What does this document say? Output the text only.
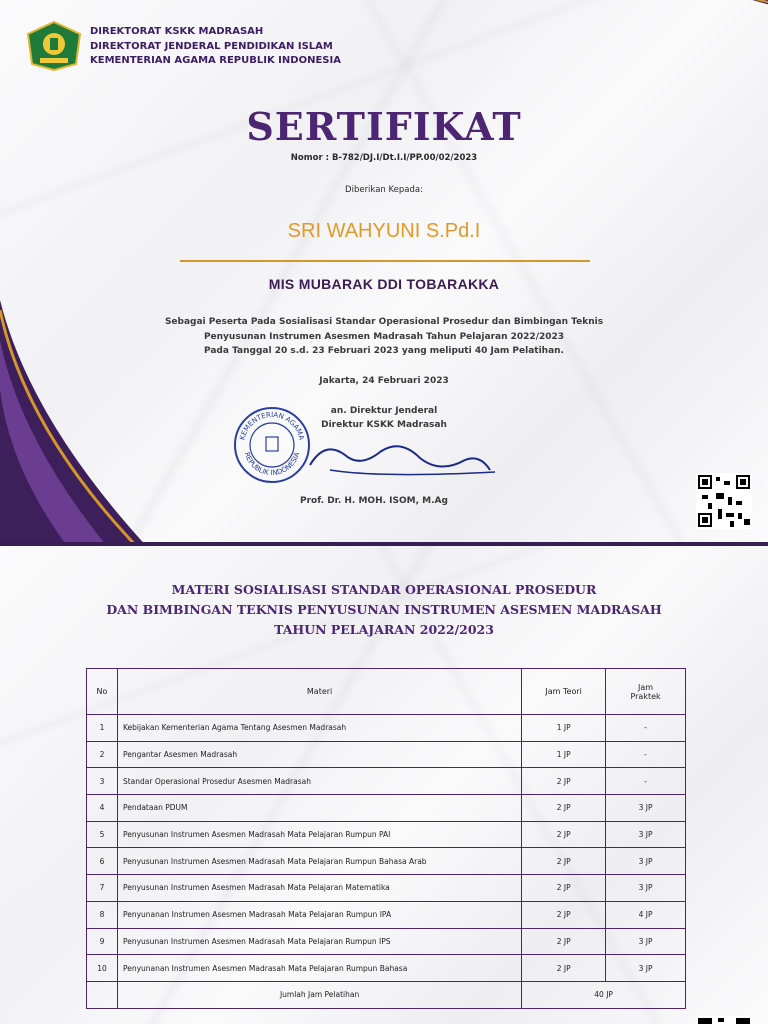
DIREKTORAT KSKK MADRASAH
DIREKTORAT JENDERAL PENDIDIKAN ISLAM
KEMENTERIAN AGAMA REPUBLIK INDONESIA
SERTIFIKAT
Nomor : B-782/DJ.I/Dt.I.I/PP.00/02/2023
Diberikan Kepada:
SRI WAHYUNI S.Pd.I
MIS MUBARAK DDI TOBARAKKA
Sebagai Peserta Pada Sosialisasi Standar Operasional Prosedur dan Bimbingan Teknis
Penyusunan Instrumen Asesmen Madrasah Tahun Pelajaran 2022/2023
Pada Tanggal 20 s.d. 23 Februari 2023 yang meliputi 40 Jam Pelatihan.
Jakarta, 24 Februari 2023
an. Direktur Jenderal
Direktur KSKK Madrasah
KEMENTERIAN AGAMA
REPUBLIK INDONESIA
Prof. Dr. H. MOH. ISOM, M.Ag
MATERI SOSIALISASI STANDAR OPERASIONAL PROSEDUR
DAN BIMBINGAN TEKNIS PENYUSUNAN INSTRUMEN ASESMEN MADRASAH
TAHUN PELAJARAN 2022/2023
No	Materi	Jam Teori	Jam
Praktek

1	Kebijakan Kementerian Agama Tentang Asesmen Madrasah	1 JP	-
2	Pengantar Asesmen Madrasah	1 JP	-
3	Standar Operasional Prosedur Asesmen Madrasah	2 JP	-
4	Pendataan PDUM	2 JP	3 JP
5	Penyusunan Instrumen Asesmen Madrasah Mata Pelajaran Rumpun PAI	2 JP	3 JP
6	Penyusunan Instrumen Asesmen Madrasah Mata Pelajaran Rumpun Bahasa Arab	2 JP	3 JP
7	Penyusunan Instrumen Asesmen Madrasah Mata Pelajaran Matematika	2 JP	3 JP
8	Penyunanan Instrumen Asesmen Madrasah Mata Pelajaran Rumpun IPA	2 JP	4 JP
9	Penyusunan Instrumen Asesmen Madrasah Mata Pelajaran Rumpun IPS	2 JP	3 JP
10	Penyunanan Instrumen Asesmen Madrasah Mata Pelajaran Rumpun Bahasa	2 JP	3 JP
	Jumlah Jam Pelatihan	40 JP	
